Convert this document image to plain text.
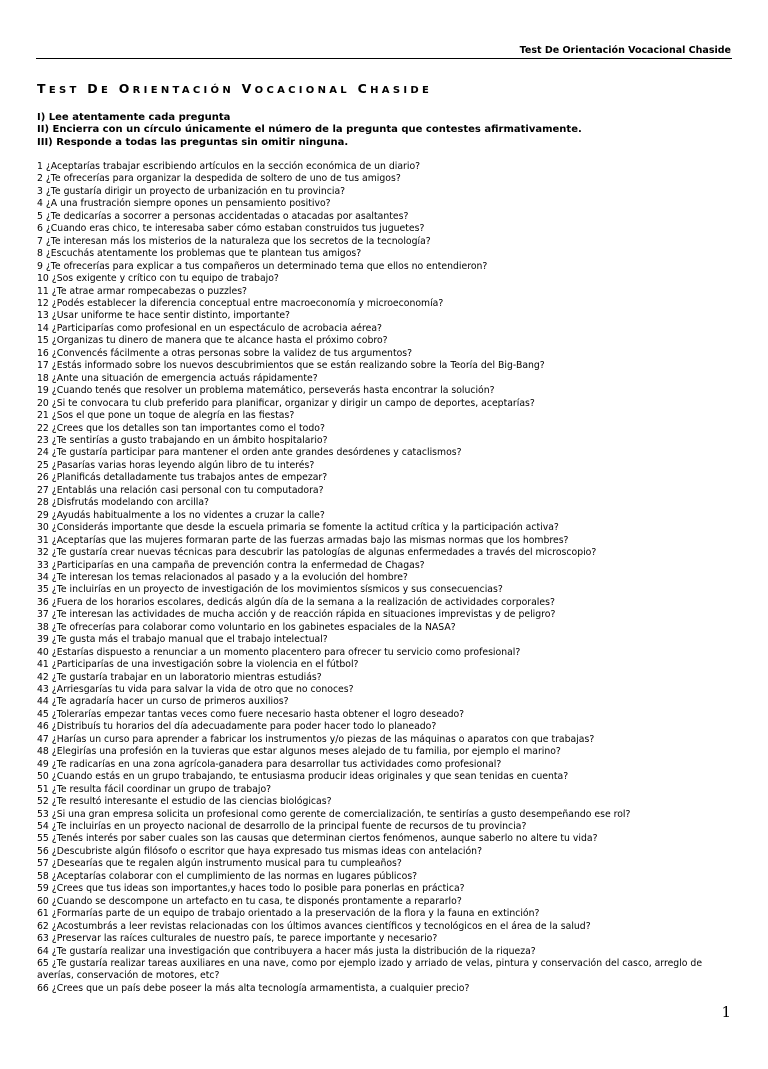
Test De Orientación Vocacional Chaside
TEST DE ORIENTACIÓN VOCACIONAL CHASIDE
I) Lee atentamente cada pregunta
II) Encierra con un círculo únicamente el número de la pregunta que contestes afirmativamente.
III) Responde a todas las preguntas sin omitir ninguna.
1 ¿Aceptarías trabajar escribiendo artículos en la sección económica de un diario?
2 ¿Te ofrecerías para organizar la despedida de soltero de uno de tus amigos?
3 ¿Te gustaría dirigir un proyecto de urbanización en tu provincia?
4 ¿A una frustración siempre opones un pensamiento positivo?
5 ¿Te dedicarías a socorrer a personas accidentadas o atacadas por asaltantes?
6 ¿Cuando eras chico, te interesaba saber cómo estaban construidos tus juguetes?
7 ¿Te interesan más los misterios de la naturaleza que los secretos de la tecnología?
8 ¿Escuchás atentamente los problemas que te plantean tus amigos?
9 ¿Te ofrecerías para explicar a tus compañeros un determinado tema que ellos no entendieron?
10 ¿Sos exigente y crítico con tu equipo de trabajo?
11 ¿Te atrae armar rompecabezas o puzzles?
12 ¿Podés establecer la diferencia conceptual entre macroeconomía y microeconomía?
13 ¿Usar uniforme te hace sentir distinto, importante?
14 ¿Participarías como profesional en un espectáculo de acrobacia aérea?
15 ¿Organizas tu dinero de manera que te alcance hasta el próximo cobro?
16 ¿Convencés fácilmente a otras personas sobre la validez de tus argumentos?
17 ¿Estás informado sobre los nuevos descubrimientos que se están realizando sobre la Teoría del Big-Bang?
18 ¿Ante una situación de emergencia actuás rápidamente?
19 ¿Cuando tenés que resolver un problema matemático, perseverás hasta encontrar la solución?
20 ¿Si te convocara tu club preferido para planificar, organizar y dirigir un campo de deportes, aceptarías?
21 ¿Sos el que pone un toque de alegría en las fiestas?
22 ¿Crees que los detalles son tan importantes como el todo?
23 ¿Te sentirías a gusto trabajando en un ámbito hospitalario?
24 ¿Te gustaría participar para mantener el orden ante grandes desórdenes y cataclismos?
25 ¿Pasarías varias horas leyendo algún libro de tu interés?
26 ¿Planificás detalladamente tus trabajos antes de empezar?
27 ¿Entablás una relación casi personal con tu computadora?
28 ¿Disfrutás modelando con arcilla?
29 ¿Ayudás habitualmente a los no videntes a cruzar la calle?
30 ¿Considerás importante que desde la escuela primaria se fomente la actitud crítica y la participación activa?
31 ¿Aceptarías que las mujeres formaran parte de las fuerzas armadas bajo las mismas normas que los hombres?
32 ¿Te gustaría crear nuevas técnicas para descubrir las patologías de algunas enfermedades a través del microscopio?
33 ¿Participarías en una campaña de prevención contra la enfermedad de Chagas?
34 ¿Te interesan los temas relacionados al pasado y a la evolución del hombre?
35 ¿Te incluirías en un proyecto de investigación de los movimientos sísmicos y sus consecuencias?
36 ¿Fuera de los horarios escolares, dedicás algún día de la semana a la realización de actividades corporales?
37 ¿Te interesan las actividades de mucha acción y de reacción rápida en situaciones imprevistas y de peligro?
38 ¿Te ofrecerías para colaborar como voluntario en los gabinetes espaciales de la NASA?
39 ¿Te gusta más el trabajo manual que el trabajo intelectual?
40 ¿Estarías dispuesto a renunciar a un momento placentero para ofrecer tu servicio como profesional?
41 ¿Participarías de una investigación sobre la violencia en el fútbol?
42 ¿Te gustaría trabajar en un laboratorio mientras estudiás?
43 ¿Arriesgarías tu vida para salvar la vida de otro que no conoces?
44 ¿Te agradaría hacer un curso de primeros auxilios?
45 ¿Tolerarías empezar tantas veces como fuere necesario hasta obtener el logro deseado?
46 ¿Distribuís tu horarios del día adecuadamente para poder hacer todo lo planeado?
47 ¿Harías un curso para aprender a fabricar los instrumentos y/o piezas de las máquinas o aparatos con que trabajas?
48 ¿Elegirías una profesión en la tuvieras que estar algunos meses alejado de tu familia, por ejemplo el marino?
49 ¿Te radicarías en una zona agrícola-ganadera para desarrollar tus actividades como profesional?
50 ¿Cuando estás en un grupo trabajando, te entusiasma producir ideas originales y que sean tenidas en cuenta?
51 ¿Te resulta fácil coordinar un grupo de trabajo?
52 ¿Te resultó interesante el estudio de las ciencias biológicas?
53 ¿Si una gran empresa solicita un profesional como gerente de comercialización, te sentirías a gusto desempeñando ese rol?
54 ¿Te incluirías en un proyecto nacional de desarrollo de la principal fuente de recursos de tu provincia?
55 ¿Tenés interés por saber cuales son las causas que determinan ciertos fenómenos, aunque saberlo no altere tu vida?
56 ¿Descubriste algún filósofo o escritor que haya expresado tus mismas ideas con antelación?
57 ¿Desearías que te regalen algún instrumento musical para tu cumpleaños?
58 ¿Aceptarías colaborar con el cumplimiento de las normas en lugares públicos?
59 ¿Crees que tus ideas son importantes,y haces todo lo posible para ponerlas en práctica?
60 ¿Cuando se descompone un artefacto en tu casa, te disponés prontamente a repararlo?
61 ¿Formarías parte de un equipo de trabajo orientado a la preservación de la flora y la fauna en extinción?
62 ¿Acostumbrás a leer revistas relacionadas con los últimos avances científicos y tecnológicos en el área de la salud?
63 ¿Preservar las raíces culturales de nuestro país, te parece importante y necesario?
64 ¿Te gustaría realizar una investigación que contribuyera a hacer más justa la distribución de la riqueza?
65 ¿Te gustaría realizar tareas auxiliares en una nave, como por ejemplo izado y arriado de velas, pintura y conservación del casco, arreglo de averías, conservación de motores, etc?
66 ¿Crees que un país debe poseer la más alta tecnología armamentista, a cualquier precio?
1
